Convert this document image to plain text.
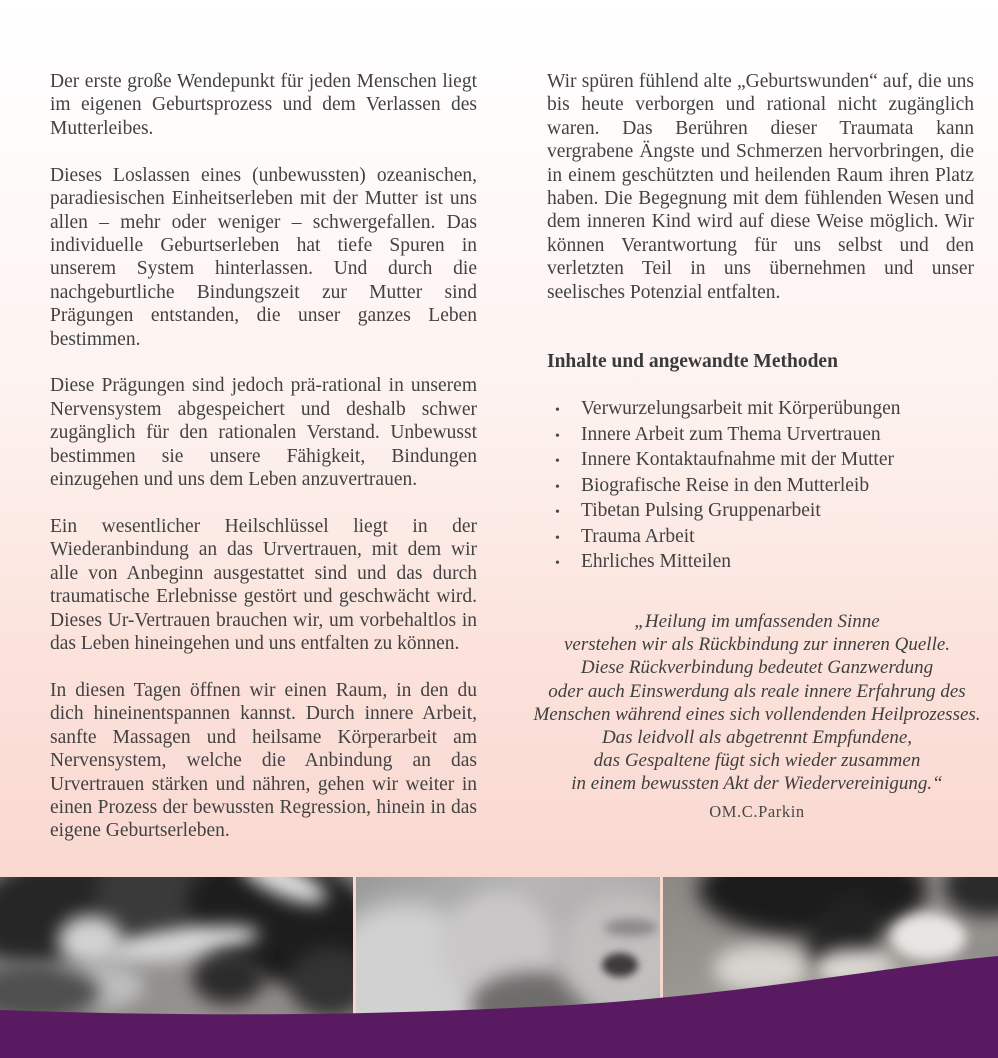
Der erste große Wendepunkt für jeden Menschen liegt im eigenen Geburtsprozess und dem Verlassen des Mutterleibes.

Dieses Loslassen eines (unbewussten) ozeanischen, paradiesischen Einheitserleben mit der Mutter ist uns allen – mehr oder weniger – schwergefallen. Das individuelle Geburtserleben hat tiefe Spuren in unserem System hinterlassen. Und durch die nachgeburtliche Bindungszeit zur Mutter sind Prägungen entstanden, die unser ganzes Leben bestimmen.

Diese Prägungen sind jedoch prä-rational in unserem Nervensystem abgespeichert und deshalb schwer zugänglich für den rationalen Verstand. Unbewusst bestimmen sie unsere Fähigkeit, Bindungen einzugehen und uns dem Leben anzuvertrauen.

Ein wesentlicher Heilschlüssel liegt in der Wiederanbindung an das Urvertrauen, mit dem wir alle von Anbeginn ausgestattet sind und das durch traumatische Erlebnisse gestört und geschwächt wird. Dieses Ur-Vertrauen brauchen wir, um vorbehaltlos in das Leben hineingehen und uns entfalten zu können.

In diesen Tagen öffnen wir einen Raum, in den du dich hineinentspannen kannst. Durch innere Arbeit, sanfte Massagen und heilsame Körperarbeit am Nervensystem, welche die Anbindung an das Urvertrauen stärken und nähren, gehen wir weiter in einen Prozess der bewussten Regression, hinein in das eigene Geburtserleben.

Wir spüren fühlend alte „Geburtswunden“ auf, die uns bis heute verborgen und rational nicht zugänglich waren. Das Berühren dieser Traumata kann vergrabene Ängste und Schmerzen hervorbringen, die in einem geschützten und heilenden Raum ihren Platz haben. Die Begegnung mit dem fühlenden Wesen und dem inneren Kind wird auf diese Weise möglich. Wir können Verantwortung für uns selbst und den verletzten Teil in uns übernehmen und unser seelisches Potenzial entfalten.

Inhalte und angewandte Methoden
•	Verwurzelungsarbeit mit Körperübungen
•	Innere Arbeit zum Thema Urvertrauen
•	Innere Kontaktaufnahme mit der Mutter
•	Biografische Reise in den Mutterleib
•	Tibetan Pulsing Gruppenarbeit
•	Trauma Arbeit
•	Ehrliches Mitteilen
„Heilung im umfassenden Sinne
verstehen wir als Rückbindung zur inneren Quelle.
Diese Rückverbindung bedeutet Ganzwerdung
oder auch Einswerdung als reale innere Erfahrung des
Menschen während eines sich vollendenden Heilprozesses.
Das leidvoll als abgetrennt Empfundene,
das Gespaltene fügt sich wieder zusammen
in einem bewussten Akt der Wiedervereinigung.“
OM.C.Parkin
